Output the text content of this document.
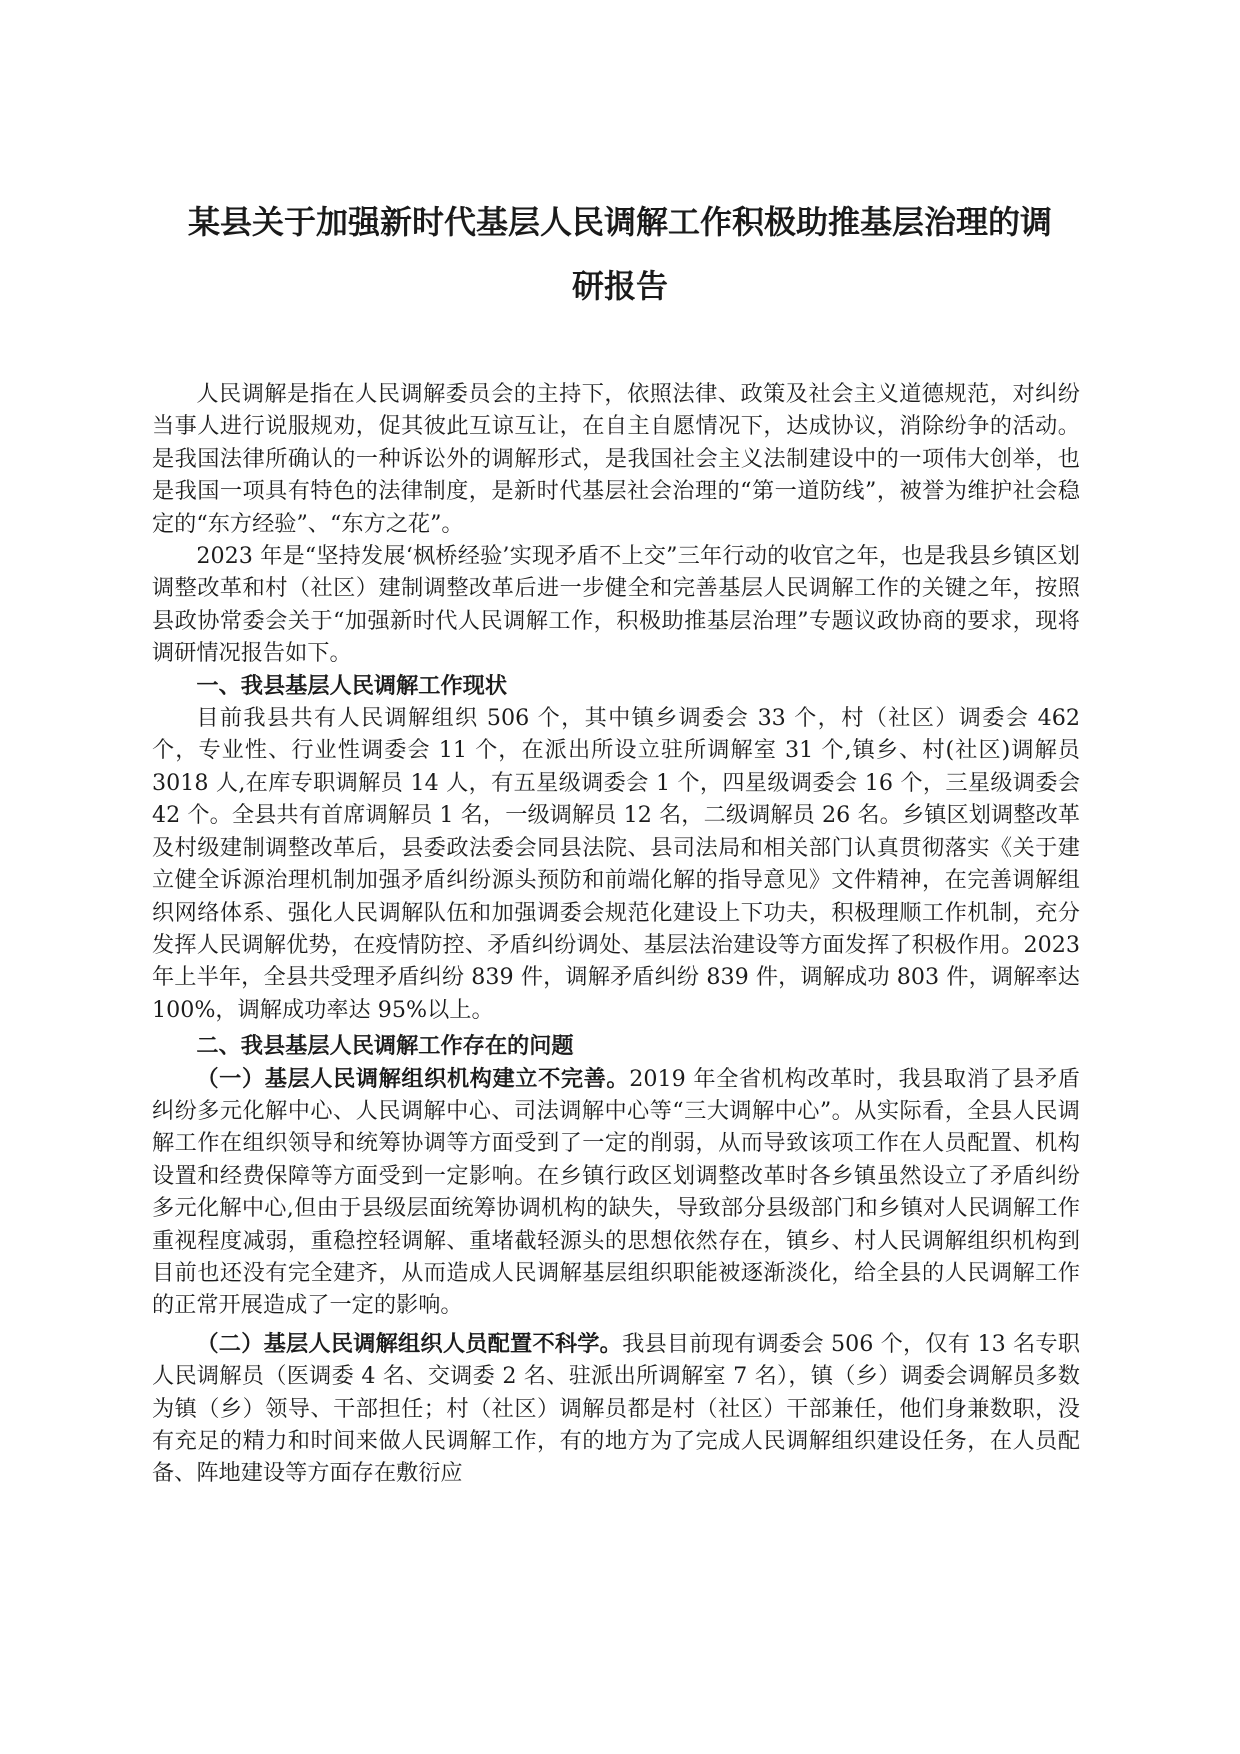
某县关于加强新时代基层人民调解工作积极助推基层治理的调
研报告

人民调解是指在人民调解委员会的主持下，依照法律、政策及社会主义道德规范，对纠纷当事人进行说服规劝，促其彼此互谅互让，在自主自愿情况下，达成协议，消除纷争的活动。是我国法律所确认的一种诉讼外的调解形式，是我国社会主义法制建设中的一项伟大创举，也是我国一项具有特色的法律制度，是新时代基层社会治理的“第一道防线”，被誉为维护社会稳定的“东方经验”、“东方之花”。

2023 年是“坚持发展‘枫桥经验’实现矛盾不上交”三年行动的收官之年，也是我县乡镇区划调整改革和村（社区）建制调整改革后进一步健全和完善基层人民调解工作的关键之年，按照县政协常委会关于“加强新时代人民调解工作，积极助推基层治理”专题议政协商的要求，现将调研情况报告如下。

一、我县基层人民调解工作现状

目前我县共有人民调解组织 506 个，其中镇乡调委会 33 个，村（社区）调委会 462 个，专业性、行业性调委会 11 个，在派出所设立驻所调解室 31 个,镇乡、村(社区)调解员 3018 人,在库专职调解员 14 人，有五星级调委会 1 个，四星级调委会 16 个，三星级调委会 42 个。全县共有首席调解员 1 名，一级调解员 12 名，二级调解员 26 名。乡镇区划调整改革及村级建制调整改革后，县委政法委会同县法院、县司法局和相关部门认真贯彻落实《关于建立健全诉源治理机制加强矛盾纠纷源头预防和前端化解的指导意见》文件精神，在完善调解组织网络体系、强化人民调解队伍和加强调委会规范化建设上下功夫，积极理顺工作机制，充分发挥人民调解优势，在疫情防控、矛盾纠纷调处、基层法治建设等方面发挥了积极作用。2023 年上半年，全县共受理矛盾纠纷 839 件，调解矛盾纠纷 839 件，调解成功 803 件，调解率达 100%，调解成功率达 95%以上。

二、我县基层人民调解工作存在的问题

（一）基层人民调解组织机构建立不完善。2019 年全省机构改革时，我县取消了县矛盾纠纷多元化解中心、人民调解中心、司法调解中心等“三大调解中心”。从实际看，全县人民调解工作在组织领导和统筹协调等方面受到了一定的削弱，从而导致该项工作在人员配置、机构设置和经费保障等方面受到一定影响。在乡镇行政区划调整改革时各乡镇虽然设立了矛盾纠纷多元化解中心,但由于县级层面统筹协调机构的缺失，导致部分县级部门和乡镇对人民调解工作重视程度减弱，重稳控轻调解、重堵截轻源头的思想依然存在，镇乡、村人民调解组织机构到目前也还没有完全建齐，从而造成人民调解基层组织职能被逐渐淡化，给全县的人民调解工作的正常开展造成了一定的影响。

（二）基层人民调解组织人员配置不科学。我县目前现有调委会 506 个，仅有 13 名专职人民调解员（医调委 4 名、交调委 2 名、驻派出所调解室 7 名），镇（乡）调委会调解员多数为镇（乡）领导、干部担任；村（社区）调解员都是村（社区）干部兼任，他们身兼数职，没有充足的精力和时间来做人民调解工作，有的地方为了完成人民调解组织建设任务，在人员配备、阵地建设等方面存在敷衍应
